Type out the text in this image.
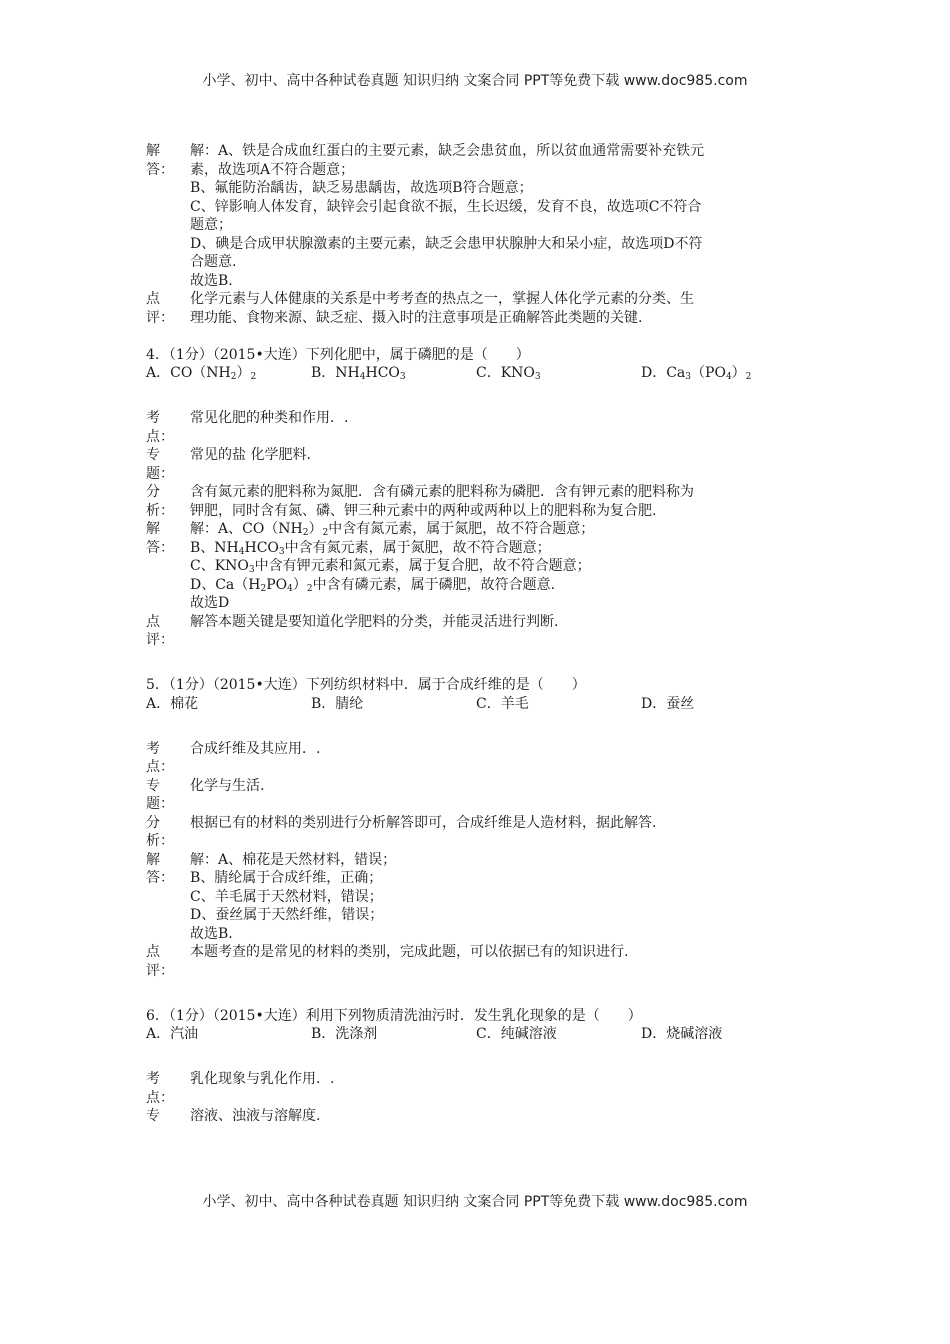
小学、初中、高中各种试卷真题 知识归纳 文案合同 PPT等免费下载 www.doc985.com
解
答：
解：A、铁是合成血红蛋白的主要元素，缺乏会患贫血，所以贫血通常需要补充铁元
素，故选项A不符合题意；
B、氟能防治龋齿，缺乏易患龋齿，故选项B符合题意；
C、锌影响人体发育，缺锌会引起食欲不振，生长迟缓，发育不良，故选项C不符合
题意；
D、碘是合成甲状腺激素的主要元素，缺乏会患甲状腺肿大和呆小症，故选项D不符
合题意.
故选B.
点
评：
化学元素与人体健康的关系是中考考查的热点之一，掌握人体化学元素的分类、生
理功能、食物来源、缺乏症、摄入时的注意事项是正确解答此类题的关键.
4．（1分）（2015•大连）下列化肥中，属于磷肥的是（　　）
A．$CO(NH_2)_2$	B．$NH_4HCO_3$	C．$KNO_3$	D．$Ca_3(PO_4)_2$
考
点：
常见化肥的种类和作用．.
专
题：
常见的盐 化学肥料.
分
析：
含有氮元素的肥料称为氮肥．含有磷元素的肥料称为磷肥．含有钾元素的肥料称为
钾肥，同时含有氮、磷、钾三种元素中的两种或两种以上的肥料称为复合肥.
解
答：
解：A、$CO(NH_2)_2$中含有氮元素，属于氮肥，故不符合题意；
B、$NH_4HCO_3$中含有氮元素，属于氮肥，故不符合题意；
C、$KNO_3$中含有钾元素和氮元素，属于复合肥，故不符合题意；
D、$Ca(H_2PO_4)_2$中含有磷元素，属于磷肥，故符合题意.
故选D
点
评：
解答本题关键是要知道化学肥料的分类，并能灵活进行判断.
5．（1分）（2015•大连）下列纺织材料中．属于合成纤维的是（　　）
A．棉花	B．腈纶	C．羊毛	D．蚕丝
考
点：
合成纤维及其应用．.
专
题：
化学与生活.
分
析：
根据已有的材料的类别进行分析解答即可，合成纤维是人造材料，据此解答.
解
答：
解：A、棉花是天然材料，错误；
B、腈纶属于合成纤维，正确；
C、羊毛属于天然材料，错误；
D、蚕丝属于天然纤维，错误；
故选B.
点
评：
本题考查的是常见的材料的类别，完成此题，可以依据已有的知识进行.
6．（1分）（2015•大连）利用下列物质清洗油污时．发生乳化现象的是（　　）
A．汽油	B．洗涤剂	C．纯碱溶液	D．烧碱溶液
考
点：
乳化现象与乳化作用．.
专	溶液、浊液与溶解度.
小学、初中、高中各种试卷真题 知识归纳 文案合同 PPT等免费下载 www.doc985.com
